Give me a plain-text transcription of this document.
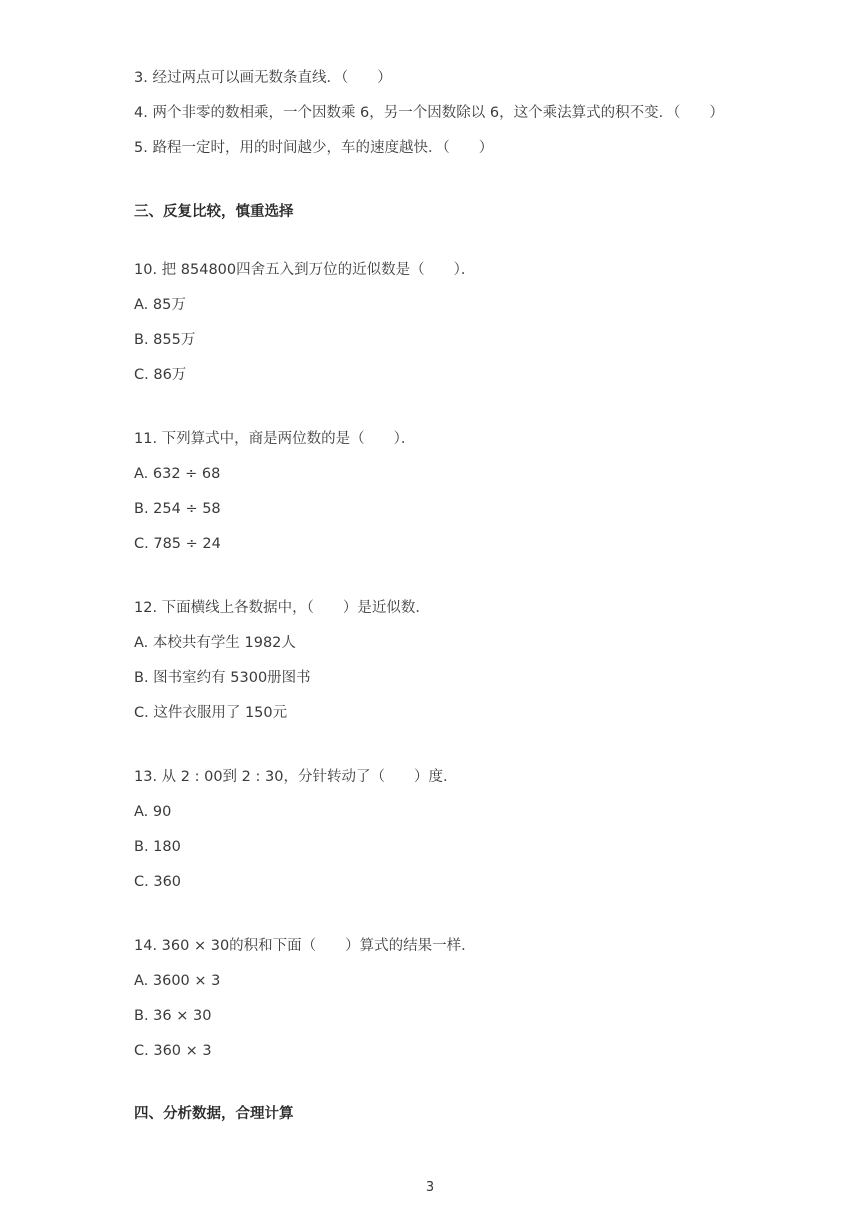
3. 经过两点可以画无数条直线．（　　）
4. 两个非零的数相乘，一个因数乘 6，另一个因数除以 6，这个乘法算式的积不变．（　　）
5. 路程一定时，用的时间越少，车的速度越快．（　　）
三、反复比较，慎重选择
10. 把 854800四舍五入到万位的近似数是（　　）．
A. 85万
B. 855万
C. 86万
11. 下列算式中，商是两位数的是（　　）．
A. 632 ÷ 68
B. 254 ÷ 58
C. 785 ÷ 24
12. 下面横线上各数据中，（　　）是近似数．
A. 本校共有学生 1982人
B. 图书室约有 5300册图书
C. 这件衣服用了 150元
13. 从 2 : 00到 2 : 30，分针转动了（　　）度．
A. 90
B. 180
C. 360
14. 360 × 30的积和下面（　　）算式的结果一样．
A. 3600 × 3
B. 36 × 30
C. 360 × 3
四、分析数据，合理计算
3
